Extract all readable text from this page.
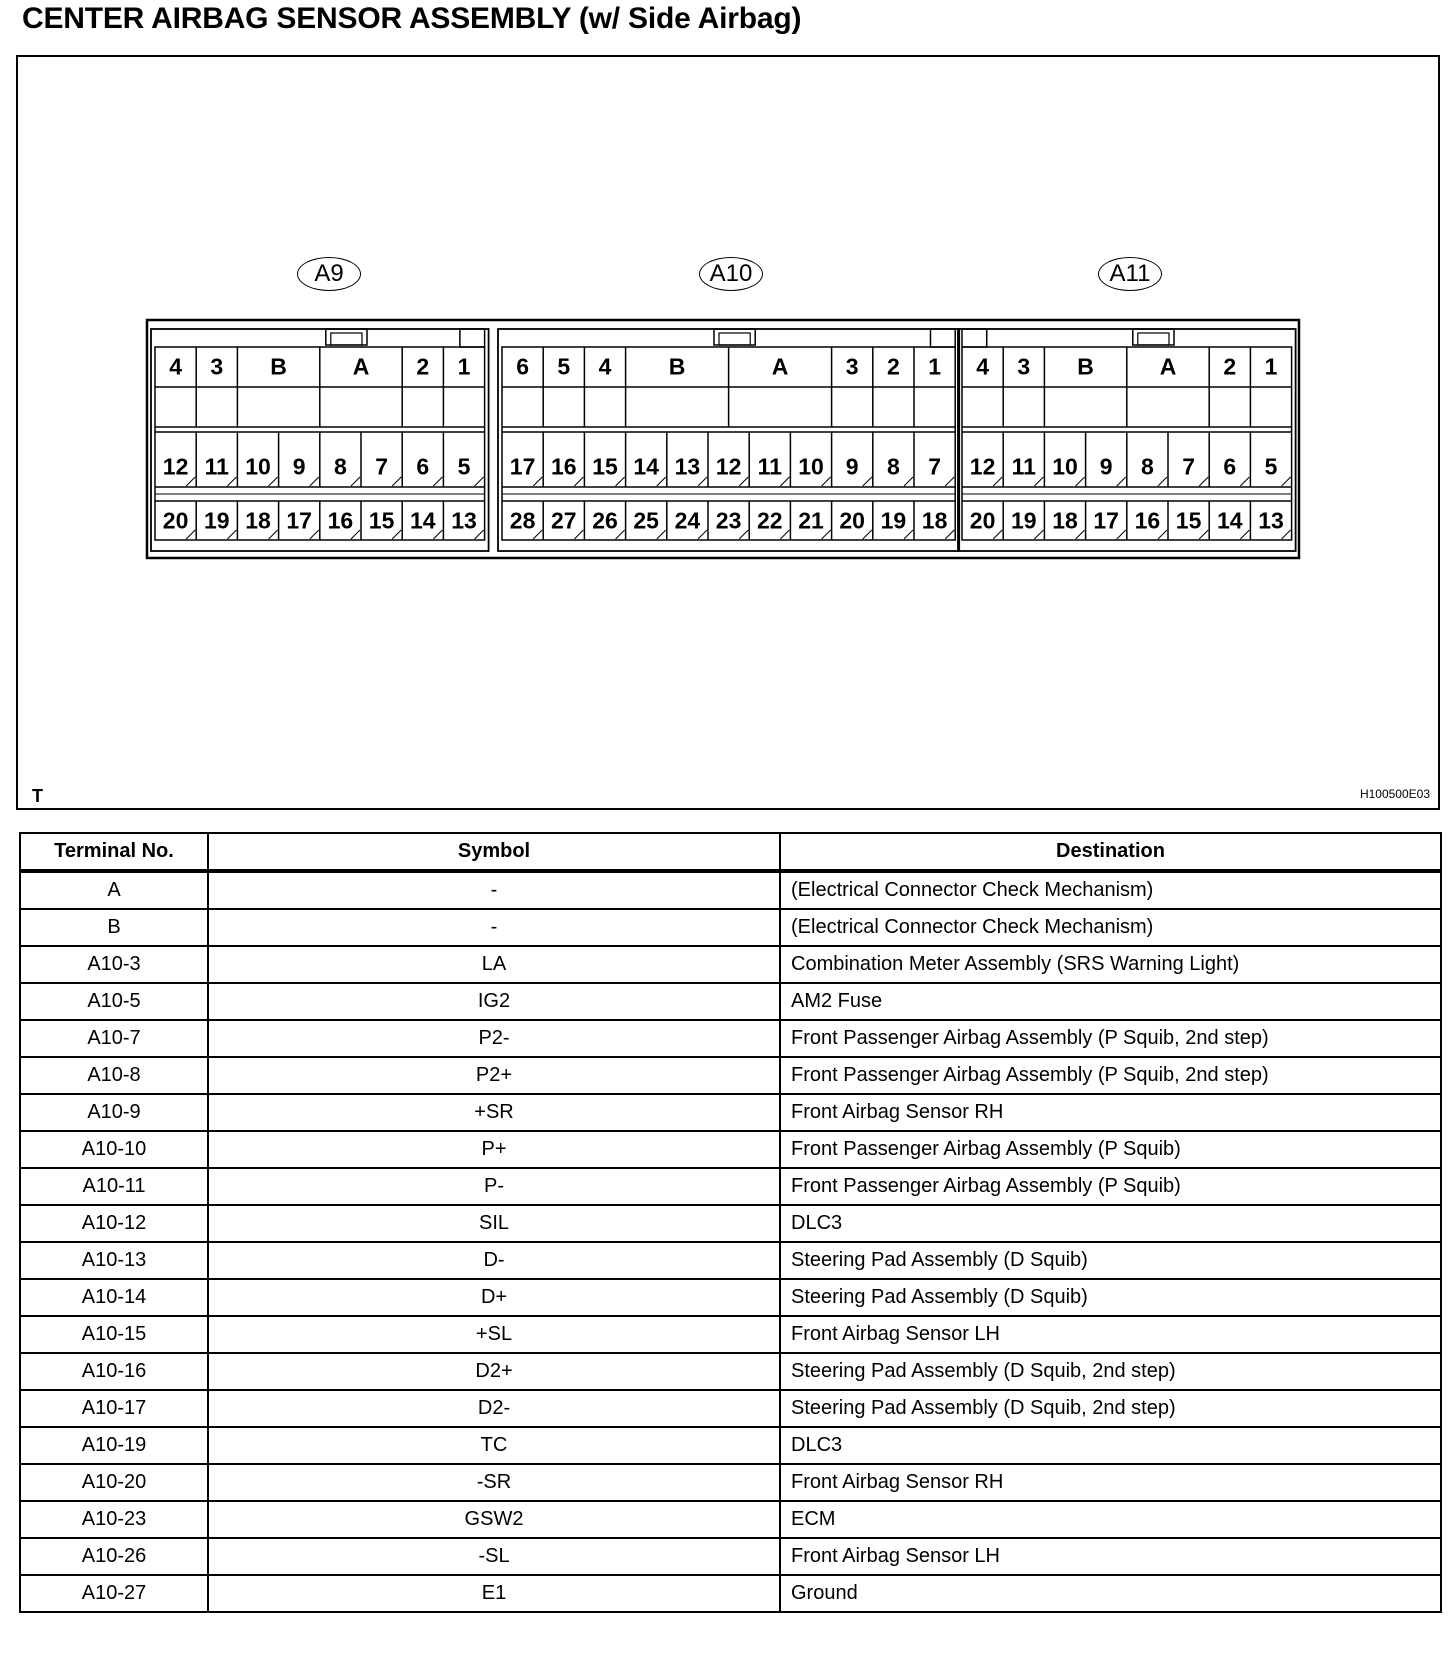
CENTER AIRBAG SENSOR ASSEMBLY (w/ Side Airbag)
A9
4 3 B	A 2 1
12
20
11
19
10
18
9
17
8
16
7
15
6
14
5
13
A10
6 5 4 B	A 3 2 1
17
28
16
27
15
26
14
25
13
24
12
23
11
22
10
21
9
20
8
19
7
18
A11
4 3 B	A 2 1
12
20
11
19
10
18
9
17
8
16
7
15
6
14
5
13
T	H100500E03
Terminal No.	Symbol	Destination
A	-	(Electrical Connector Check Mechanism)
B	-	(Electrical Connector Check Mechanism)
A10-3	LA	Combination Meter Assembly (SRS Warning Light)
A10-5	IG2	AM2 Fuse
A10-7	P2-	Front Passenger Airbag Assembly (P Squib, 2nd step)
A10-8	P2+	Front Passenger Airbag Assembly (P Squib, 2nd step)
A10-9	+SR	Front Airbag Sensor RH
A10-10	P+	Front Passenger Airbag Assembly (P Squib)
A10-11	P-	Front Passenger Airbag Assembly (P Squib)
A10-12	SIL	DLC3
A10-13	D-	Steering Pad Assembly (D Squib)
A10-14	D+	Steering Pad Assembly (D Squib)
A10-15	+SL	Front Airbag Sensor LH
A10-16	D2+	Steering Pad Assembly (D Squib, 2nd step)
A10-17	D2-	Steering Pad Assembly (D Squib, 2nd step)
A10-19	TC	DLC3
A10-20	-SR	Front Airbag Sensor RH
A10-23	GSW2	ECM
A10-26	-SL	Front Airbag Sensor LH
A10-27	E1	Ground
